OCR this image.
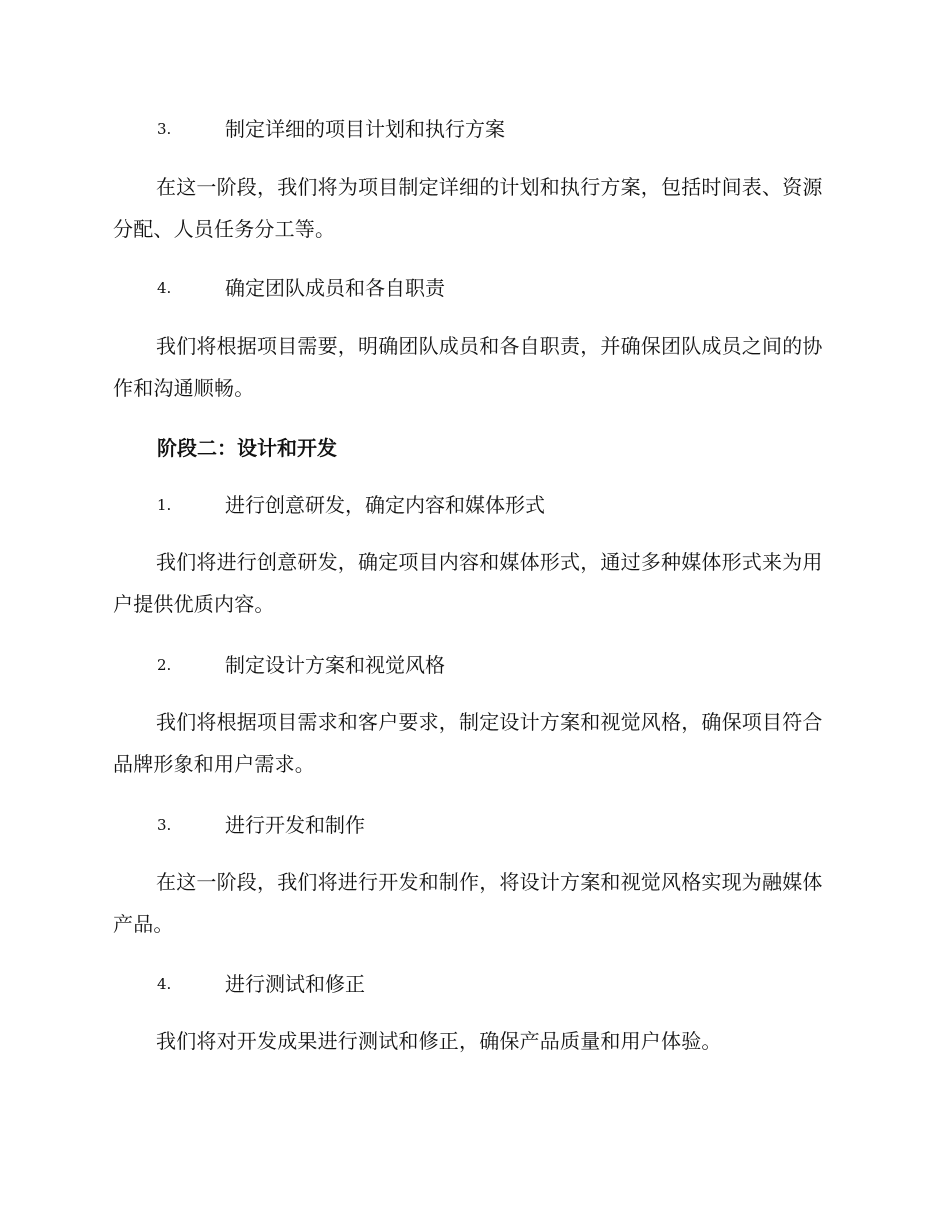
3.	制定详细的项目计划和执行方案
在这一阶段，我们将为项目制定详细的计划和执行方案，包括时间表、资源分配、人员任务分工等。
4.	确定团队成员和各自职责
我们将根据项目需要，明确团队成员和各自职责，并确保团队成员之间的协作和沟通顺畅。
阶段二：设计和开发
1.	进行创意研发，确定内容和媒体形式
我们将进行创意研发，确定项目内容和媒体形式，通过多种媒体形式来为用户提供优质内容。
2.	制定设计方案和视觉风格
我们将根据项目需求和客户要求，制定设计方案和视觉风格，确保项目符合品牌形象和用户需求。
3.	进行开发和制作
在这一阶段，我们将进行开发和制作，将设计方案和视觉风格实现为融媒体产品。
4.	进行测试和修正
我们将对开发成果进行测试和修正，确保产品质量和用户体验。
